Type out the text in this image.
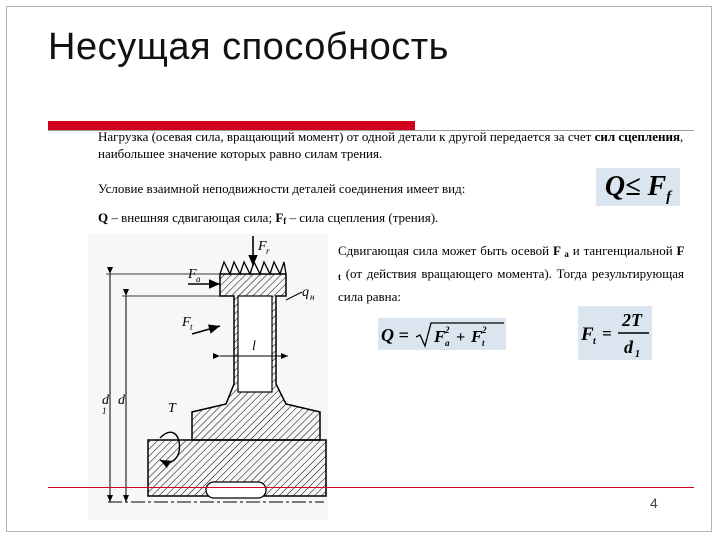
Несущая способность

Нагрузка (осевая сила, вращающий момент) от одной детали к другой передается за счет сил сцепления, наибольшее значение которых равно силам трения.

Условие взаимной неподвижности деталей соединения имеет вид:

Q – внешняя сдвигающая сила; $F_f$ – сила сцепления (трения).

Сдвигающая сила может быть осевой F $_a$ и тангенциальной F $_t$ (от действия вращающего момента). Тогда результирующая сила равна:

$Q\le F_f$
Q = F a
2 + F t
2	F t =
2T
d 1
F r
F a
F t
q н
l
d
1
d
T
4
